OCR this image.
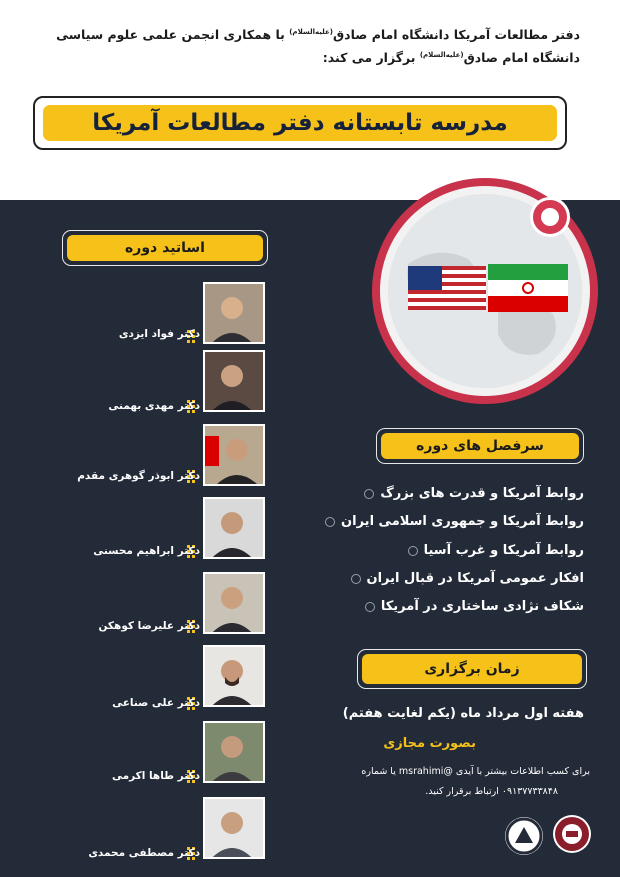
دفتر مطالعات آمریکا دانشگاه امام صادق$^{(علیه‌السلام)}$ با همکاری انجمن علمی علوم سیاسی
دانشگاه امام صادق$^{(علیه‌السلام)}$ برگزار می کند:
مدرسه تابستانه دفتر مطالعات آمریکا
اساتید دوره
دکتر فواد ایزدی
دکتر مهدی بهمنی
دکتر ابوذر گوهری مقدم
دکتر ابراهیم محسنی
دکتر علیرضا کوهکن
دکتر علی صناعی
دکتر طاها اکرمی
دکتر مصطفی محمدی
سرفصل های دوره
روابط آمریکا و قدرت های بزرگ
روابط آمریکا و جمهوری اسلامی ایران
روابط آمریکا و غرب آسیا
افکار عمومی آمریکا در قبال ایران
شکاف نژادی ساختاری در آمریکا
زمان برگزاری
هفته اول مرداد ماه (یکم لغایت هفتم)
بصورت مجازی
برای کسب اطلاعات بیشتر با آیدی @msrahimi یا شماره
۰۹۱۳۷۷۳۳۸۴۸ ارتباط برقرار کنید.
